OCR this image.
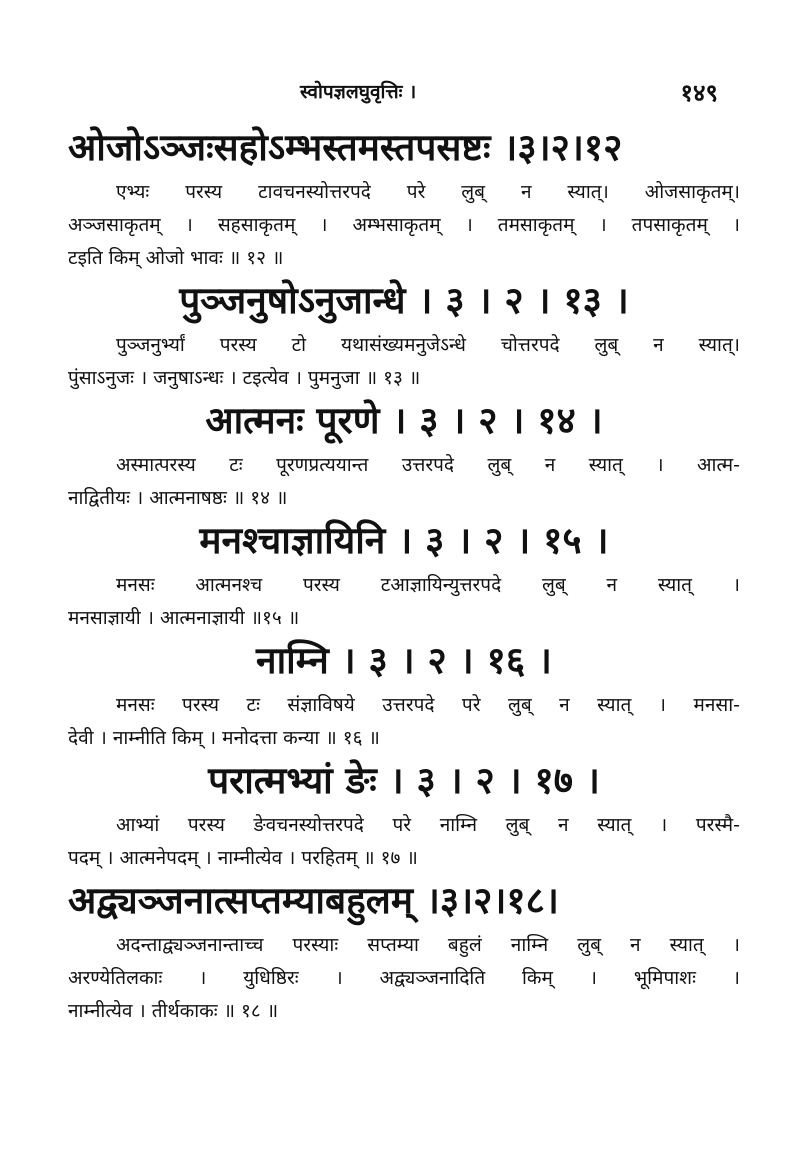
स्वोपज्ञलघुवृत्तिः ।	१४९
ओजोऽञ्जःसहोऽम्भस्तमस्तपसष्टः ।३।२।१२
एभ्यः परस्य टावचनस्योत्तरपदे परे लुब् न स्यात्। ओजसाकृतम्।
अञ्जसाकृतम् । सहसाकृतम् । अम्भसाकृतम् । तमसाकृतम् । तपसाकृतम् ।
टइति किम् ओजो भावः ॥ १२ ॥
पुञ्जनुषोऽनुजान्धे । ३ । २ । १३ ।
पुञ्जनुर्भ्यां परस्य टो यथासंख्यमनुजेऽन्धे चोत्तरपदे लुब् न स्यात्।
पुंसाऽनुजः । जनुषाऽन्धः । टइत्येव । पुमनुजा ॥ १३ ॥
आत्मनः पूरणे । ३ । २ । १४ ।
अस्मात्परस्य टः पूरणप्रत्ययान्त उत्तरपदे लुब् न स्यात् । आत्म-
नाद्वितीयः । आत्मनाषष्ठः ॥ १४ ॥
मनश्चाज्ञायिनि । ३ । २ । १५ ।
मनसः आत्मनश्च परस्य टआज्ञायिन्युत्तरपदे लुब् न स्यात् ।
मनसाज्ञायी । आत्मनाज्ञायी ॥१५ ॥
नाम्नि । ३ । २ । १६ ।
मनसः परस्य टः संज्ञाविषये उत्तरपदे परे लुब् न स्यात् । मनसा-
देवी । नाम्नीति किम् । मनोदत्ता कन्या ॥ १६ ॥
परात्मभ्यां ङेः । ३ । २ । १७ ।
आभ्यां परस्य ङेवचनस्योत्तरपदे परे नाम्नि लुब् न स्यात् । परस्मै-
पदम् । आत्मनेपदम् । नाम्नीत्येव । परहितम् ॥ १७ ॥
अद्व्यञ्जनात्सप्तम्याबहुलम् ।३।२।१८।
अदन्ताद्व्यञ्जनान्ताच्च परस्याः सप्तम्या बहुलं नाम्नि लुब् न स्यात् ।
अरण्येतिलकाः । युधिष्ठिरः । अद्व्यञ्जनादिति किम् । भूमिपाशः ।
नाम्नीत्येव । तीर्थकाकः ॥ १८ ॥
